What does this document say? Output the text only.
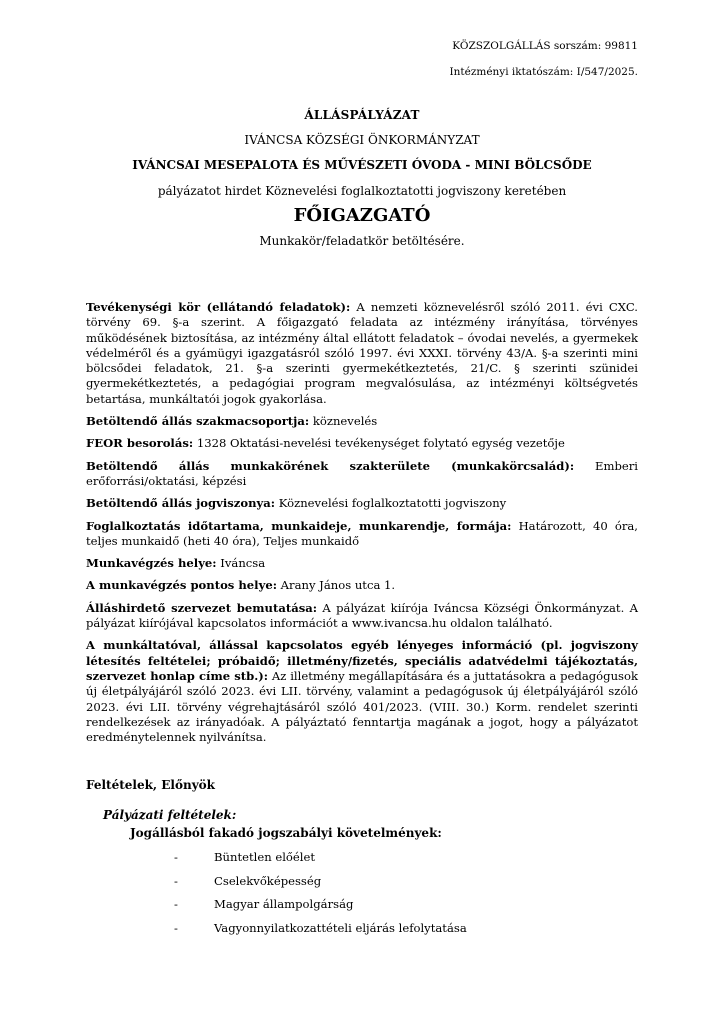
KÖZSZOLGÁLLÁS sorszám: 99811
Intézményi iktatószám: I/547/2025.
ÁLLÁSPÁLYÁZAT
IVÁNCSA KÖZSÉGI ÖNKORMÁNYZAT
IVÁNCSAI MESEPALOTA ÉS MŰVÉSZETI ÓVODA - MINI BÖLCSŐDE
pályázatot hirdet Köznevelési foglalkoztatotti jogviszony keretében
FŐIGAZGATÓ
Munkakör/feladatkör betöltésére.

Tevékenységi kör (ellátandó feladatok): A nemzeti köznevelésről szóló 2011. évi CXC. törvény 69. §-a szerint. A főigazgató feladata az intézmény irányítása, törvényes működésének biztosítása, az intézmény által ellátott feladatok – óvodai nevelés, a gyermekek védelméről és a gyámügyi igazgatásról szóló 1997. évi XXXI. törvény 43/A. §-a szerinti mini bölcsődei feladatok, 21. §-a szerinti gyermekétkeztetés, 21/C. § szerinti szünidei gyermekétkeztetés, a pedagógiai program megvalósulása, az intézményi költségvetés betartása, munkáltatói jogok gyakorlása.

Betöltendő állás szakmacsoportja: köznevelés

FEOR besorolás: 1328 Oktatási-nevelési tevékenységet folytató egység vezetője

Betöltendő állás munkakörének szakterülete (munkakörcsalád): Emberi erőforrási/oktatási, képzési

Betöltendő állás jogviszonya: Köznevelési foglalkoztatotti jogviszony

Foglalkoztatás időtartama, munkaideje, munkarendje, formája: Határozott, 40 óra, teljes munkaidő (heti 40 óra), Teljes munkaidő

Munkavégzés helye: Iváncsa

A munkavégzés pontos helye: Arany János utca 1.

Álláshirdető szervezet bemutatása: A pályázat kiírója Iváncsa Községi Önkormányzat. A pályázat kiírójával kapcsolatos információt a www.ivancsa.hu oldalon található.

A munkáltatóval, állással kapcsolatos egyéb lényeges információ (pl. jogviszony létesítés feltételei; próbaidő; illetmény/fizetés, speciális adatvédelmi tájékoztatás, szervezet honlap címe stb.): Az illetmény megállapítására és a juttatásokra a pedagógusok új életpályájáról szóló 2023. évi LII. törvény, valamint a pedagógusok új életpályájáról szóló 2023. évi LII. törvény végrehajtásáról szóló 401/2023. (VIII. 30.) Korm. rendelet szerinti rendelkezések az irányadóak. A pályáztató fenntartja magának a jogot, hogy a pályázatot eredménytelennek nyilvánítsa.

Feltételek, Előnyök
Pályázati feltételek:
Jogállásból fakadó jogszabályi követelmények:
-	Büntetlen előélet
-	Cselekvőképesség
-	Magyar állampolgárság
-	Vagyonnyilatkozattételi eljárás lefolytatása
